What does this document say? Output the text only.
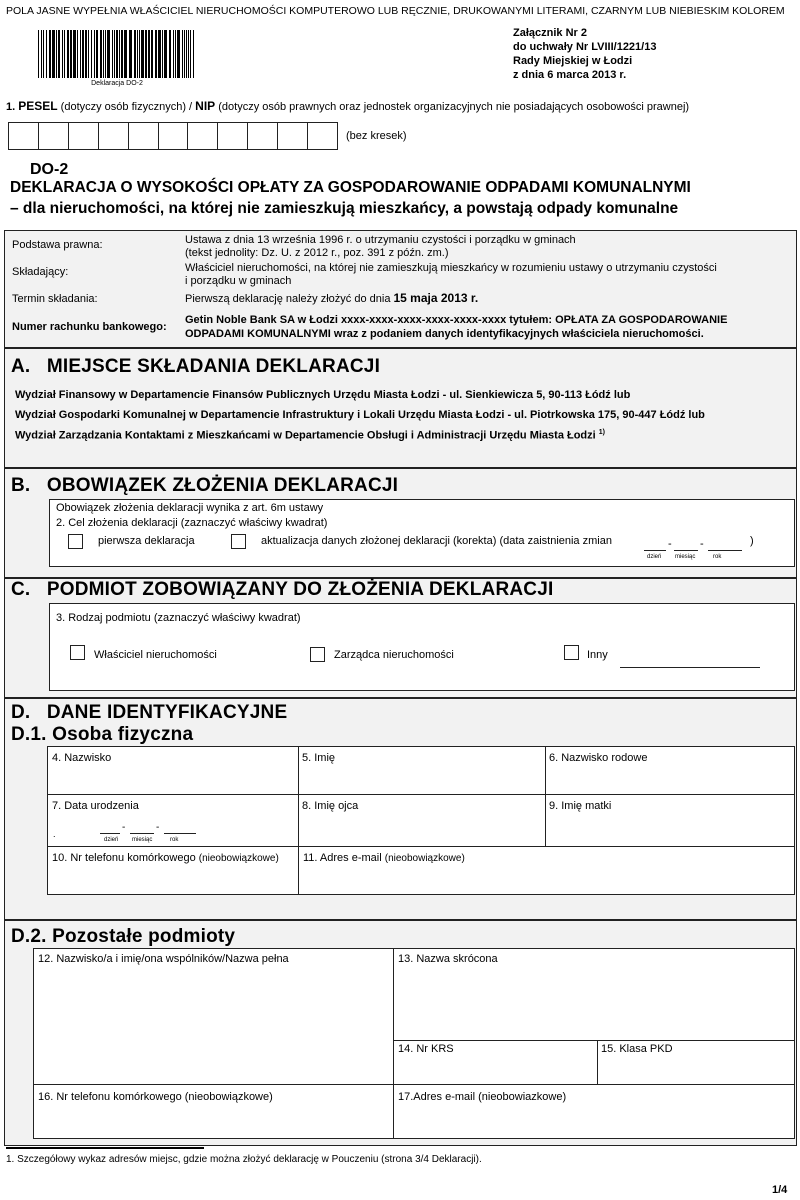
POLA JASNE WYPEŁNIA WŁAŚCICIEL NIERUCHOMOŚCI KOMPUTEROWO LUB RĘCZNIE, DRUKOWANYMI LITERAMI, CZARNYM LUB NIEBIESKIM KOLOREM
Deklaracja DO-2
Załącznik Nr 2
do uchwały Nr LVIII/1221/13
Rady Miejskiej w Łodzi
z dnia 6 marca 2013 r.
1. PESEL (dotyczy osób fizycznych) / NIP (dotyczy osób prawnych oraz jednostek organizacyjnych nie posiadających osobowości prawnej)
(bez kresek)
DO-2
DEKLARACJA O WYSOKOŚCI OPŁATY ZA GOSPODAROWANIE ODPADAMI KOMUNALNYMI
– dla nieruchomości, na której nie zamieszkują mieszkańcy, a powstają odpady komunalne
Podstawa prawna:	Ustawa z dnia 13 września 1996 r. o utrzymaniu czystości i porządku w gminach
(tekst jednolity: Dz. U. z 2012 r., poz. 391 z późn. zm.)
Składający:	Właściciel nieruchomości, na której nie zamieszkują mieszkańcy w rozumieniu ustawy o utrzymaniu czystości
i porządku w gminach
Termin składania:	Pierwszą deklarację należy złożyć do dnia 15 maja 2013 r.
Numer rachunku bankowego:
Getin Noble Bank SA w Łodzi xxxx-xxxx-xxxx-xxxx-xxxx-xxxx tytułem: OPŁATA ZA GOSPODAROWANIE
ODPADAMI KOMUNALNYMI wraz z podaniem danych identyfikacyjnych właściciela nieruchomości.
A. MIEJSCE SKŁADANIA DEKLARACJI
Wydział Finansowy w Departamencie Finansów Publicznych Urzędu Miasta Łodzi - ul. Sienkiewicza 5, 90-113 Łódź lub
Wydział Gospodarki Komunalnej w Departamencie Infrastruktury i Lokali Urzędu Miasta Łodzi - ul. Piotrkowska 175, 90-447 Łódź lub
Wydział Zarządzania Kontaktami z Mieszkańcami w Departamencie Obsługi i Administracji Urzędu Miasta Łodzi $^{1)}$
B. OBOWIĄZEK ZŁOŻENIA DEKLARACJI
Obowiązek złożenia deklaracji wynika z art. 6m ustawy
2. Cel złożenia deklaracji (zaznaczyć właściwy kwadrat)
pierwsza deklaracja	aktualizacja danych złożonej deklaracji (korekta) (data zaistnienia zmian	-	-	)
dzień miesiąc	rok
C. PODMIOT ZOBOWIĄZANY DO ZŁOŻENIA DEKLARACJI
3. Rodzaj podmiotu (zaznaczyć właściwy kwadrat)
Właściciel nieruchomości	Zarządca nieruchomości	Inny
D. DANE IDENTYFIKACYJNE
D.1. Osoba fizyczna
4. Nazwisko	5. Imię	6. Nazwisko rodowe
7. Data urodzenia
.
-	-
dzień miesiąc	rok
8. Imię ojca	9. Imię matki
10. Nr telefonu komórkowego (nieobowiązkowe) 11. Adres e-mail (nieobowiązkowe)
D.2. Pozostałe podmioty
12. Nazwisko/a i imię/ona wspólników/Nazwa pełna	13. Nazwa skrócona
14. Nr KRS	15. Klasa PKD
16. Nr telefonu komórkowego (nieobowiązkowe)	17.Adres e-mail (nieobowiazkowe)
1. Szczegółowy wykaz adresów miejsc, gdzie można złożyć deklarację w Pouczeniu (strona 3/4 Deklaracji).
1/4
